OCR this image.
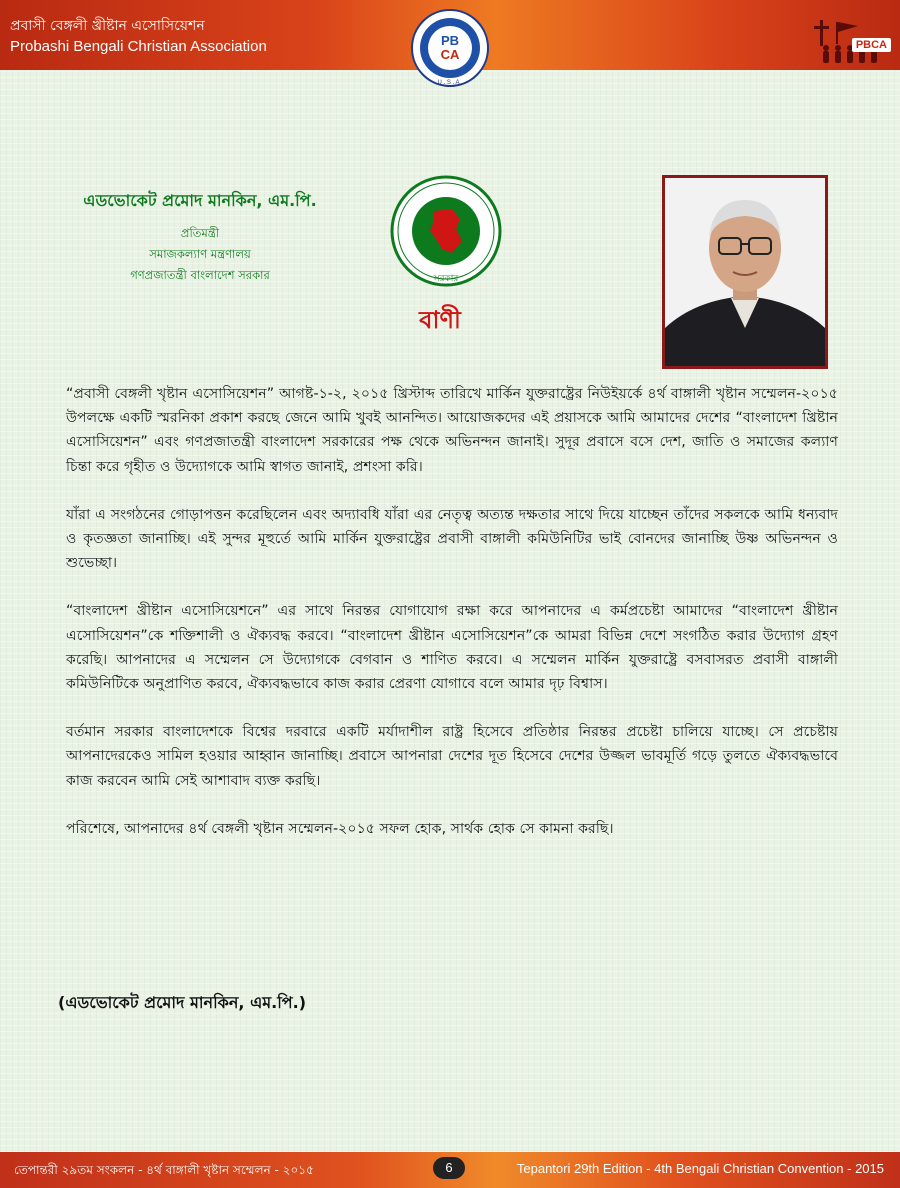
প্রবাসী বেঙ্গলী খ্রীষ্টান এসোসিয়েশন
Probashi Bengali Christian Association	PBCA
PB
CA
U . S . A .
এডভোকেট প্রমোদ মানকিন, এম.পি.
প্রতিমন্ত্রী
সমাজকল্যাণ মন্ত্রণালয়
গণপ্রজাতন্ত্রী বাংলাদেশ সরকার	সরকার
বাণী

“প্রবাসী বেঙ্গলী খৃষ্টান এসোসিয়েশন” আগষ্ট-১-২, ২০১৫ খ্রিস্টাব্দ তারিখে মার্কিন যুক্তরাষ্ট্রের নিউইয়র্কে ৪র্থ বাঙ্গালী খৃষ্টান সম্মেলন-২০১৫ উপলক্ষে একটি স্মরনিকা প্রকাশ করছে জেনে আমি খুবই আনন্দিত। আয়োজকদের এই প্রয়াসকে আমি আমাদের দেশের “বাংলাদেশ খ্রিষ্টান এসোসিয়েশন” এবং গণপ্রজাতন্ত্রী বাংলাদেশ সরকারের পক্ষ থেকে অভিনন্দন জানাই। সুদূর প্রবাসে বসে দেশ, জাতি ও সমাজের কল্যাণ চিন্তা করে গৃহীত ও উদ্যোগকে আমি স্বাগত জানাই, প্রশংসা করি।

যাঁরা এ সংগঠনের গোড়াপত্তন করেছিলেন এবং অদ্যাবধি যাঁরা এর নেতৃত্ব অত্যন্ত দক্ষতার সাথে দিয়ে যাচ্ছেন তাঁদের সকলকে আমি ধন্যবাদ ও কৃতজ্ঞতা জানাচ্ছি। এই সুন্দর মূহুর্তে আমি মার্কিন যুক্তরাষ্ট্রের প্রবাসী বাঙ্গালী কমিউনিটির ভাই বোনদের জানাচ্ছি উষ্ণ অভিনন্দন ও শুভেচ্ছা।

“বাংলাদেশ খ্রীষ্টান এসোসিয়েশনে” এর সাথে নিরন্তর যোগাযোগ রক্ষা করে আপনাদের এ কর্মপ্রচেষ্টা আমাদের “বাংলাদেশ খ্রীষ্টান এসোসিয়েশন”কে শক্তিশালী ও ঐক্যবদ্ধ করবে। “বাংলাদেশ খ্রীষ্টান এসোসিয়েশন”কে আমরা বিভিন্ন দেশে সংগঠিত করার উদ্যোগ গ্রহণ করেছি। আপনাদের এ সম্মেলন সে উদ্যোগকে বেগবান ও শাণিত করবে। এ সম্মেলন মার্কিন যুক্তরাষ্ট্রে বসবাসরত প্রবাসী বাঙ্গালী কমিউনিটিকে অনুপ্রাণিত করবে, ঐক্যবদ্ধভাবে কাজ করার প্রেরণা যোগাবে বলে আমার দৃঢ় বিশ্বাস।

বর্তমান সরকার বাংলাদেশকে বিশ্বের দরবারে একটি মর্যাদাশীল রাষ্ট্র হিসেবে প্রতিষ্ঠার নিরন্তর প্রচেষ্টা চালিয়ে যাচ্ছে। সে প্রচেষ্টায় আপনাদেরকেও সামিল হওয়ার আহ্বান জানাচ্ছি। প্রবাসে আপনারা দেশের দূত হিসেবে দেশের উজ্জল ভাবমূর্তি গড়ে তুলতে ঐক্যবদ্ধভাবে কাজ করবেন আমি সেই আশাবাদ ব্যক্ত করছি।

পরিশেষে, আপনাদের ৪র্থ বেঙ্গলী খৃষ্টান সম্মেলন-২০১৫ সফল হোক, সার্থক হোক সে কামনা করছি।

(এডভোকেট প্রমোদ মানকিন, এম.পি.)
তেপান্তরী ২৯তম সংকলন - ৪র্থ বাঙ্গালী খৃষ্টান সম্মেলন - ২০১৫	6	Tepantori 29th Edition - 4th Bengali Christian Convention - 2015
